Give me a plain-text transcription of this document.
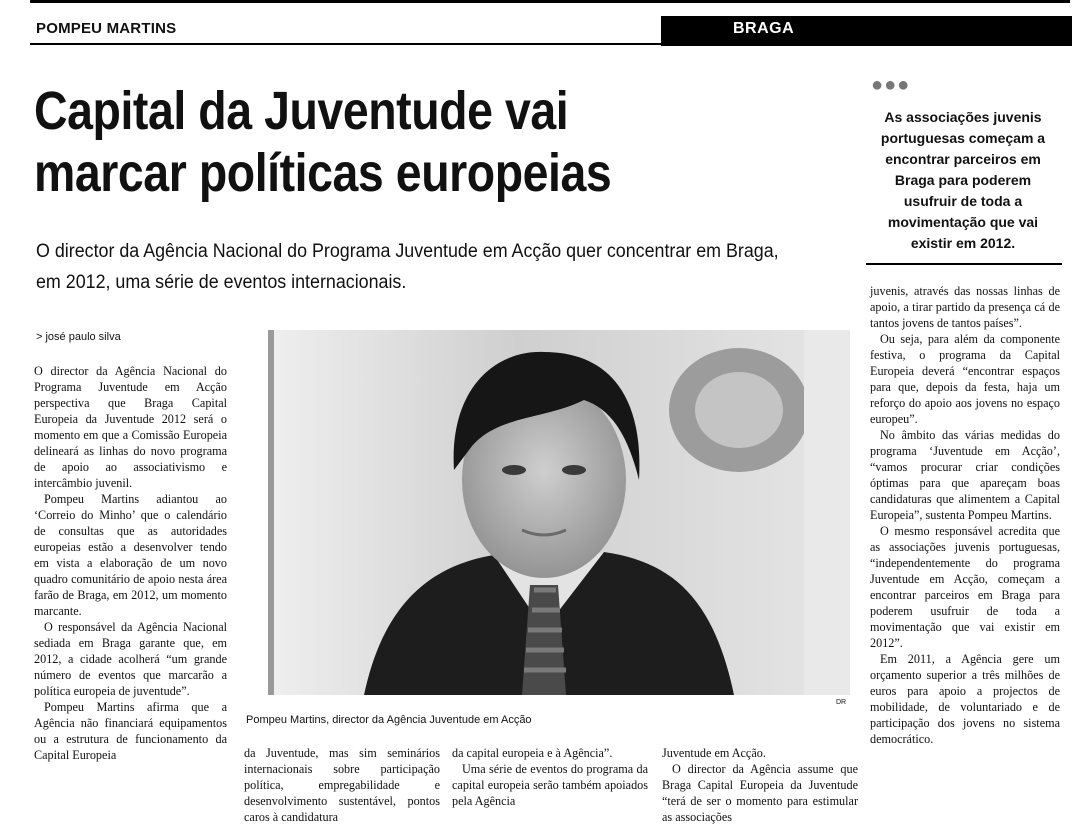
POMPEU MARTINS	BRAGA
Capital da Juventude vai
marcar políticas europeias
O director da Agência Nacional do Programa Juventude em Acção quer concentrar em Braga, em 2012, uma série de eventos internacionais.
●●●
As associações juvenis portuguesas começam a encontrar parceiros em Braga para poderem usufruir de toda a movimentação que vai existir em 2012.
> josé paulo silva

O director da Agência Nacional do Programa Juventude em Acção perspectiva que Braga Capital Europeia da Juventude 2012 será o momento em que a Comissão Europeia delineará as linhas do novo programa de apoio ao associativismo e intercâmbio juvenil.

Pompeu Martins adiantou ao ‘Correio do Minho’ que o calendário de consultas que as autoridades europeias estão a desenvolver tendo em vista a elaboração de um novo quadro comunitário de apoio nesta área farão de Braga, em 2012, um momento marcante.

O responsável da Agência Nacional sediada em Braga garante que, em 2012, a cidade acolherá “um grande número de eventos que marcarão a política europeia de juventude”.

Pompeu Martins afirma que a Agência não financiará equipamentos ou a estrutura de funcionamento da Capital Europeia

DR
Pompeu Martins, director da Agência Juventude em Acção

da Juventude, mas sim seminários internacionais sobre participação política, empregabilidade e desenvolvimento sustentável, pontos caros à candidatura

da capital europeia e à Agência”.

Uma série de eventos do programa da capital europeia serão também apoiados pela Agência

Juventude em Acção.

O director da Agência assume que Braga Capital Europeia da Juventude “terá de ser o momento para estimular as associações

juvenis, através das nossas linhas de apoio, a tirar partido da presença cá de tantos jovens de tantos países”.

Ou seja, para além da componente festiva, o programa da Capital Europeia deverá “encontrar espaços para que, depois da festa, haja um reforço do apoio aos jovens no espaço europeu”.

No âmbito das várias medidas do programa ‘Juventude em Acção’, “vamos procurar criar condições óptimas para que apareçam boas candidaturas que alimentem a Capital Europeia”, sustenta Pompeu Martins.

O mesmo responsável acredita que as associações juvenis portuguesas, “independentemente do programa Juventude em Acção, começam a encontrar parceiros em Braga para poderem usufruir de toda a movimentação que vai existir em 2012”.

Em 2011, a Agência gere um orçamento superior a três milhões de euros para apoio a projectos de mobilidade, de voluntariado e de participação dos jovens no sistema democrático.
